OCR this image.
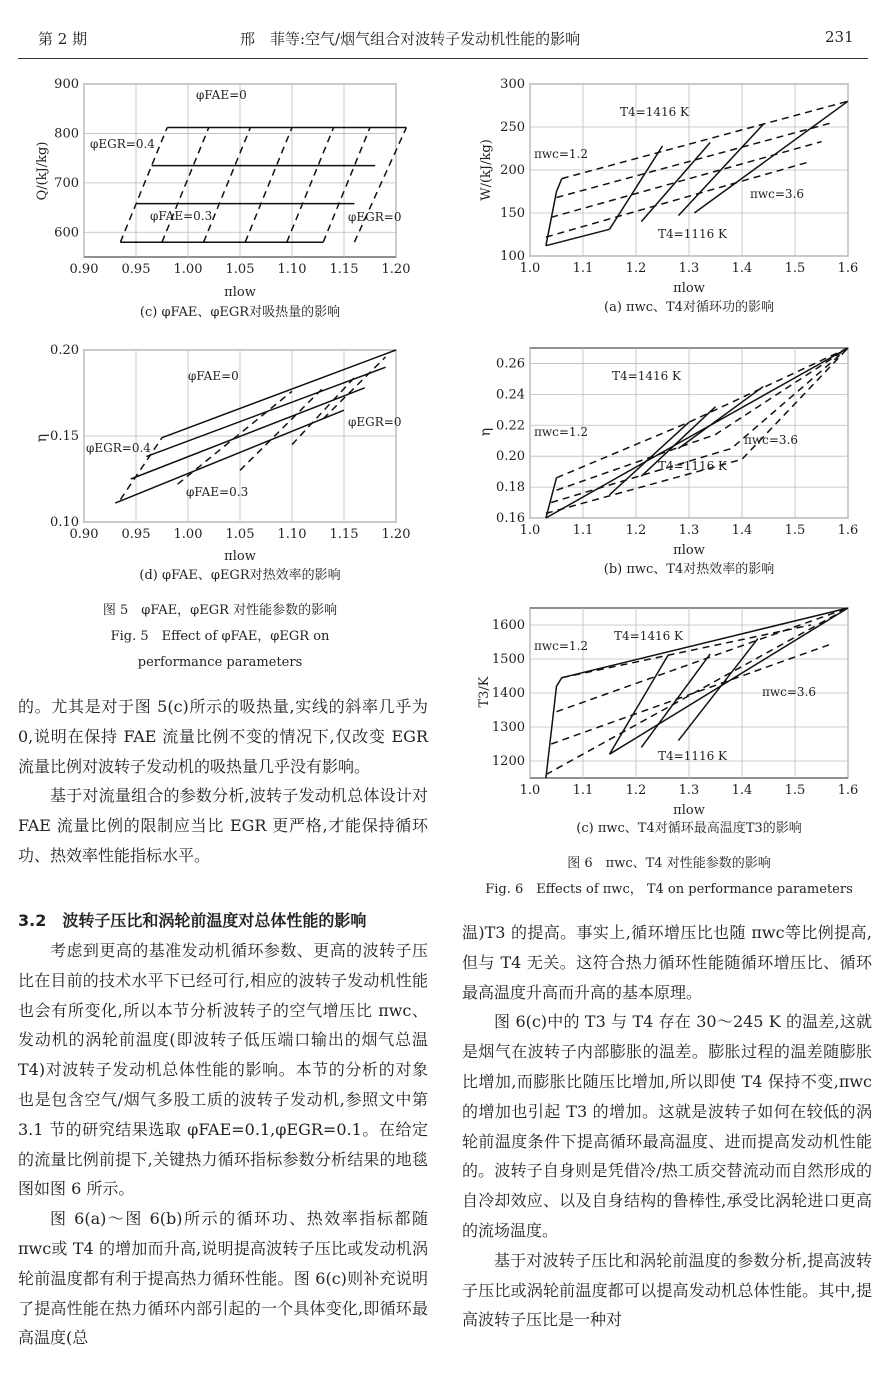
第 2 期	邢　菲等:空气/烟气组合对波转子发动机性能的影响	231
0.90 0.95 1.00 1.05 1.10 1.15 1.20
600
700
800
900
πlow
Q/(kJ/kg)
(c) φFAE、φEGR对吸热量的影响
φFAE=0
φEGR=0.4
φFAE=0.3	φEGR=0
0.90 0.95 1.00 1.05 1.10 1.15 1.20
0.10
0.15
0.20
πlow
η
(d) φFAE、φEGR对热效率的影响
φFAE=0
φEGR=0.4
φFAE=0.3
φEGR=0
图 5　φFAE，φEGR 对性能参数的影响
Fig. 5　Effect of φFAE，φEGR on
performance parameters
1.0 1.1 1.2 1.3 1.4 1.5 1.6
100
150
200
250
300
πlow
W/(kJ/kg)
(a) πwc、T4对循环功的影响
T4=1416 K
πwc=1.2
πwc=3.6
T4=1116 K
1.0 1.1 1.2 1.3 1.4 1.5 1.6
0.16
0.18
0.20
0.22
0.24
0.26
πlow
η
(b) πwc、T4对热效率的影响
T4=1416 K
πwc=1.2
πwc=3.6
T4=1116 K
1.0 1.1 1.2 1.3 1.4 1.5 1.6
1200
1300
1400
1500
1600
πlow
T3/K
(c) πwc、T4对循环最高温度T3的影响
T4=1416 K
πwc=1.2
πwc=3.6
T4=1116 K
图 6　πwc、T4 对性能参数的影响
Fig. 6　Effects of πwc， T4 on performance parameters

的。尤其是对于图 5(c)所示的吸热量,实线的斜率几乎为 0,说明在保持 FAE 流量比例不变的情况下,仅改变 EGR 流量比例对波转子发动机的吸热量几乎没有影响。

基于对流量组合的参数分析,波转子发动机总体设计对 FAE 流量比例的限制应当比 EGR 更严格,才能保持循环功、热效率性能指标水平。

3.2　波转子压比和涡轮前温度对总体性能的影响

考虑到更高的基准发动机循环参数、更高的波转子压比在目前的技术水平下已经可行,相应的波转子发动机性能也会有所变化,所以本节分析波转子的空气增压比 πwc、发动机的涡轮前温度(即波转子低压端口输出的烟气总温 T4)对波转子发动机总体性能的影响。本节的分析的对象也是包含空气/烟气多股工质的波转子发动机,参照文中第 3.1 节的研究结果选取 φFAE=0.1,φEGR=0.1。在给定的流量比例前提下,关键热力循环指标参数分析结果的地毯图如图 6 所示。

图 6(a)～图 6(b)所示的循环功、热效率指标都随 πwc或 T4 的增加而升高,说明提高波转子压比或发动机涡轮前温度都有利于提高热力循环性能。图 6(c)则补充说明了提高性能在热力循环内部引起的一个具体变化,即循环最高温度(总

温)T3 的提高。事实上,循环增压比也随 πwc等比例提高,但与 T4 无关。这符合热力循环性能随循环增压比、循环最高温度升高而升高的基本原理。

图 6(c)中的 T3 与 T4 存在 30～245 K 的温差,这就是烟气在波转子内部膨胀的温差。膨胀过程的温差随膨胀比增加,而膨胀比随压比增加,所以即使 T4 保持不变,πwc的增加也引起 T3 的增加。这就是波转子如何在较低的涡轮前温度条件下提高循环最高温度、进而提高发动机性能的。波转子自身则是凭借冷/热工质交替流动而自然形成的自冷却效应、以及自身结构的鲁棒性,承受比涡轮进口更高的流场温度。

基于对波转子压比和涡轮前温度的参数分析,提高波转子压比或涡轮前温度都可以提高发动机总体性能。其中,提高波转子压比是一种对
